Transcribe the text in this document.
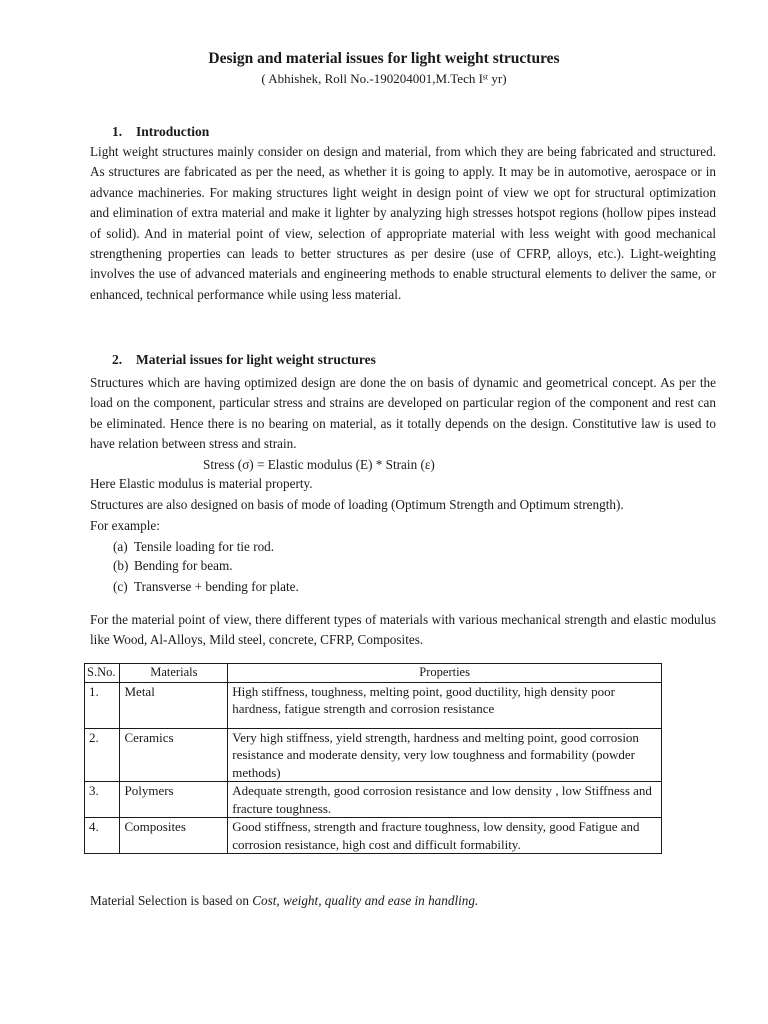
Design and material issues for light weight structures
( Abhishek, Roll No.-190204001,M.Tech Iˢᵗ yr)
1. Introduction
Light weight structures mainly consider on design and material, from which they are being fabricated and structured. As structures are fabricated as per the need, as whether it is going to apply. It may be in automotive, aerospace or in advance machineries. For making structures light weight in design point of view we opt for structural optimization and elimination of extra material and make it lighter by analyzing high stresses hotspot regions (hollow pipes instead of solid). And in material point of view, selection of appropriate material with less weight with good mechanical strengthening properties can leads to better structures as per desire (use of CFRP, alloys, etc.). Light-weighting involves the use of advanced materials and engineering methods to enable structural elements to deliver the same, or enhanced, technical performance while using less material.
2. Material issues for light weight structures
Structures which are having optimized design are done the on basis of dynamic and geometrical concept. As per the load on the component, particular stress and strains are developed on particular region of the component and rest can be eliminated. Hence there is no bearing on material, as it totally depends on the design. Constitutive law is used to have relation between stress and strain.
Stress (σ) = Elastic modulus (E) * Strain (ε)
Here Elastic modulus is material property.
Structures are also designed on basis of mode of loading (Optimum Strength and Optimum strength).
For example:
(a) Tensile loading for tie rod.
(b) Bending for beam.
(c) Transverse + bending for plate.
For the material point of view, there different types of materials with various mechanical strength and elastic modulus like Wood, Al-Alloys, Mild steel, concrete, CFRP, Composites.
S.No.	Materials	Properties
1.	Metal	High stiffness, toughness, melting point, good ductility, high density poor hardness, fatigue strength and corrosion resistance
2.	Ceramics	Very high stiffness, yield strength, hardness and melting point, good corrosion resistance and moderate density, very low toughness and formability (powder methods)
3.	Polymers	Adequate strength, good corrosion resistance and low density , low Stiffness and fracture toughness.
4.	Composites	Good stiffness, strength and fracture toughness, low density, good Fatigue and corrosion resistance, high cost and difficult formability.
Material Selection is based on Cost, weight, quality and ease in handling.
